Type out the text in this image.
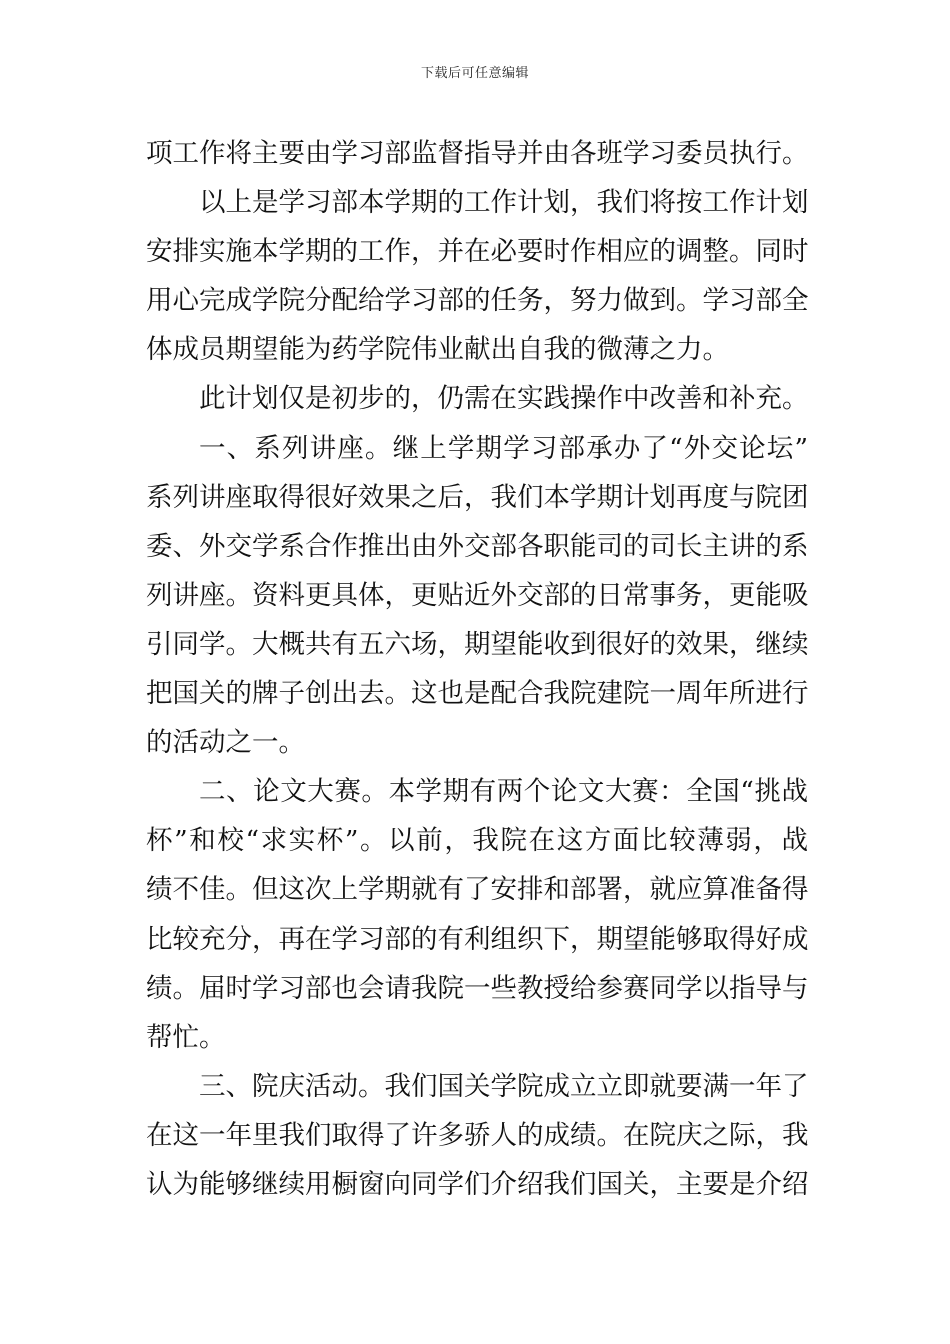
下载后可任意编辑
项工作将主要由学习部监督指导并由各班学习委员执行。
以上是学习部本学期的工作计划，我们将按工作计划
安排实施本学期的工作，并在必要时作相应的调整。同时
用心完成学院分配给学习部的任务，努力做到。学习部全
体成员期望能为药学院伟业献出自我的微薄之力。
此计划仅是初步的，仍需在实践操作中改善和补充。
一、系列讲座。继上学期学习部承办了“外交论坛”
系列讲座取得很好效果之后，我们本学期计划再度与院团
委、外交学系合作推出由外交部各职能司的司长主讲的系
列讲座。资料更具体，更贴近外交部的日常事务，更能吸
引同学。大概共有五六场，期望能收到很好的效果，继续
把国关的牌子创出去。这也是配合我院建院一周年所进行
的活动之一。
二、论文大赛。本学期有两个论文大赛：全国“挑战
杯”和校“求实杯”。以前，我院在这方面比较薄弱，战
绩不佳。但这次上学期就有了安排和部署，就应算准备得
比较充分，再在学习部的有利组织下，期望能够取得好成
绩。届时学习部也会请我院一些教授给参赛同学以指导与
帮忙。
三、院庆活动。我们国关学院成立立即就要满一年了
在这一年里我们取得了许多骄人的成绩。在院庆之际，我
认为能够继续用橱窗向同学们介绍我们国关，主要是介绍
